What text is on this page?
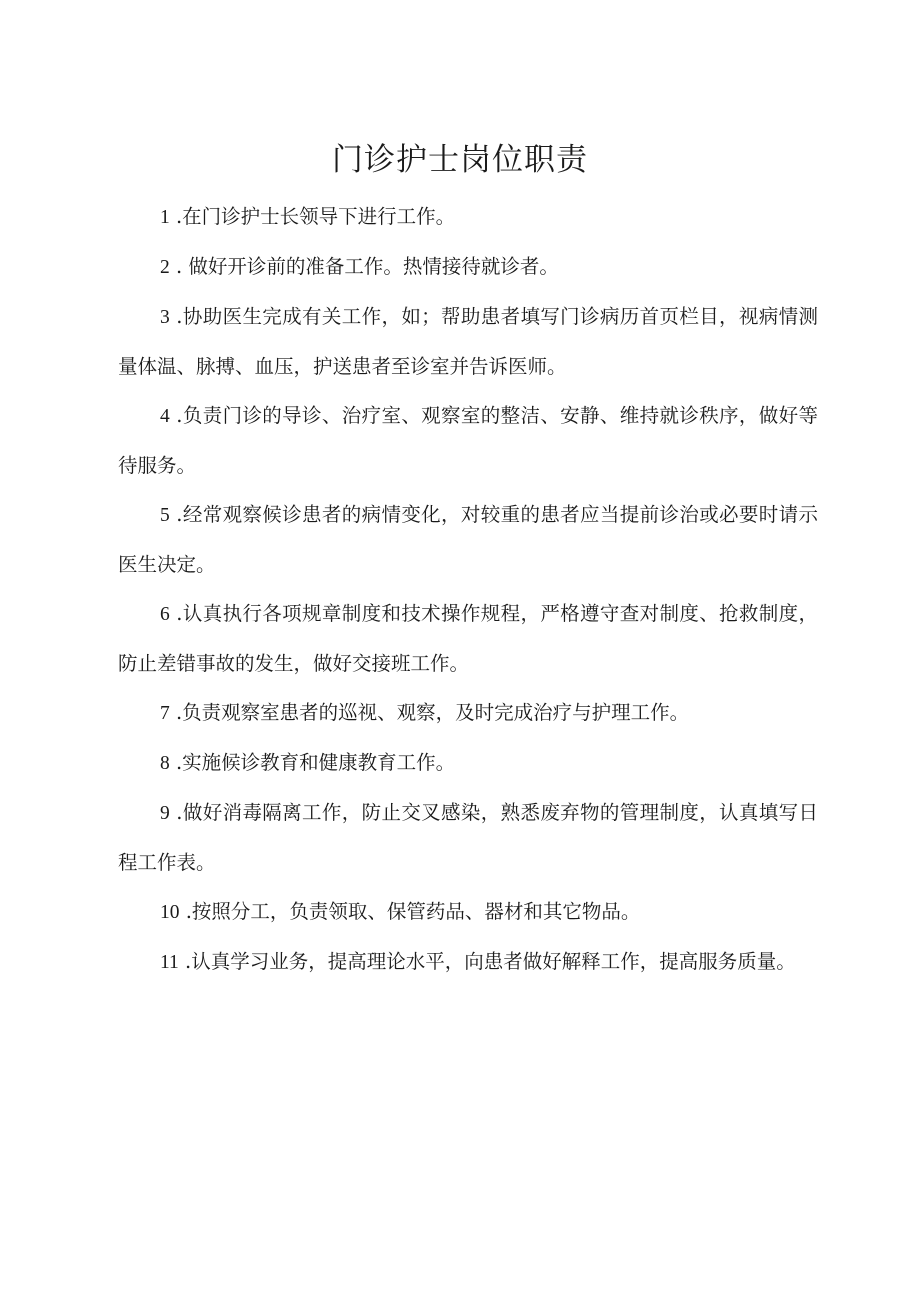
门诊护士岗位职责

1 .在门诊护士长领导下进行工作。

2 . 做好开诊前的准备工作。热情接待就诊者。

3 .协助医生完成有关工作，如；帮助患者填写门诊病历首页栏目，视病情测量体温、脉搏、血压，护送患者至诊室并告诉医师。

4 .负责门诊的导诊、治疗室、观察室的整洁、安静、维持就诊秩序，做好等待服务。

5 .经常观察候诊患者的病情变化，对较重的患者应当提前诊治或必要时请示医生决定。

6 .认真执行各项规章制度和技术操作规程，严格遵守查对制度、抢救制度，防止差错事故的发生，做好交接班工作。

7 .负责观察室患者的巡视、观察，及时完成治疗与护理工作。

8 .实施候诊教育和健康教育工作。

9 .做好消毒隔离工作，防止交叉感染，熟悉废弃物的管理制度，认真填写日程工作表。

10 .按照分工，负责领取、保管药品、器材和其它物品。

11 .认真学习业务，提高理论水平，向患者做好解释工作，提高服务质量。
